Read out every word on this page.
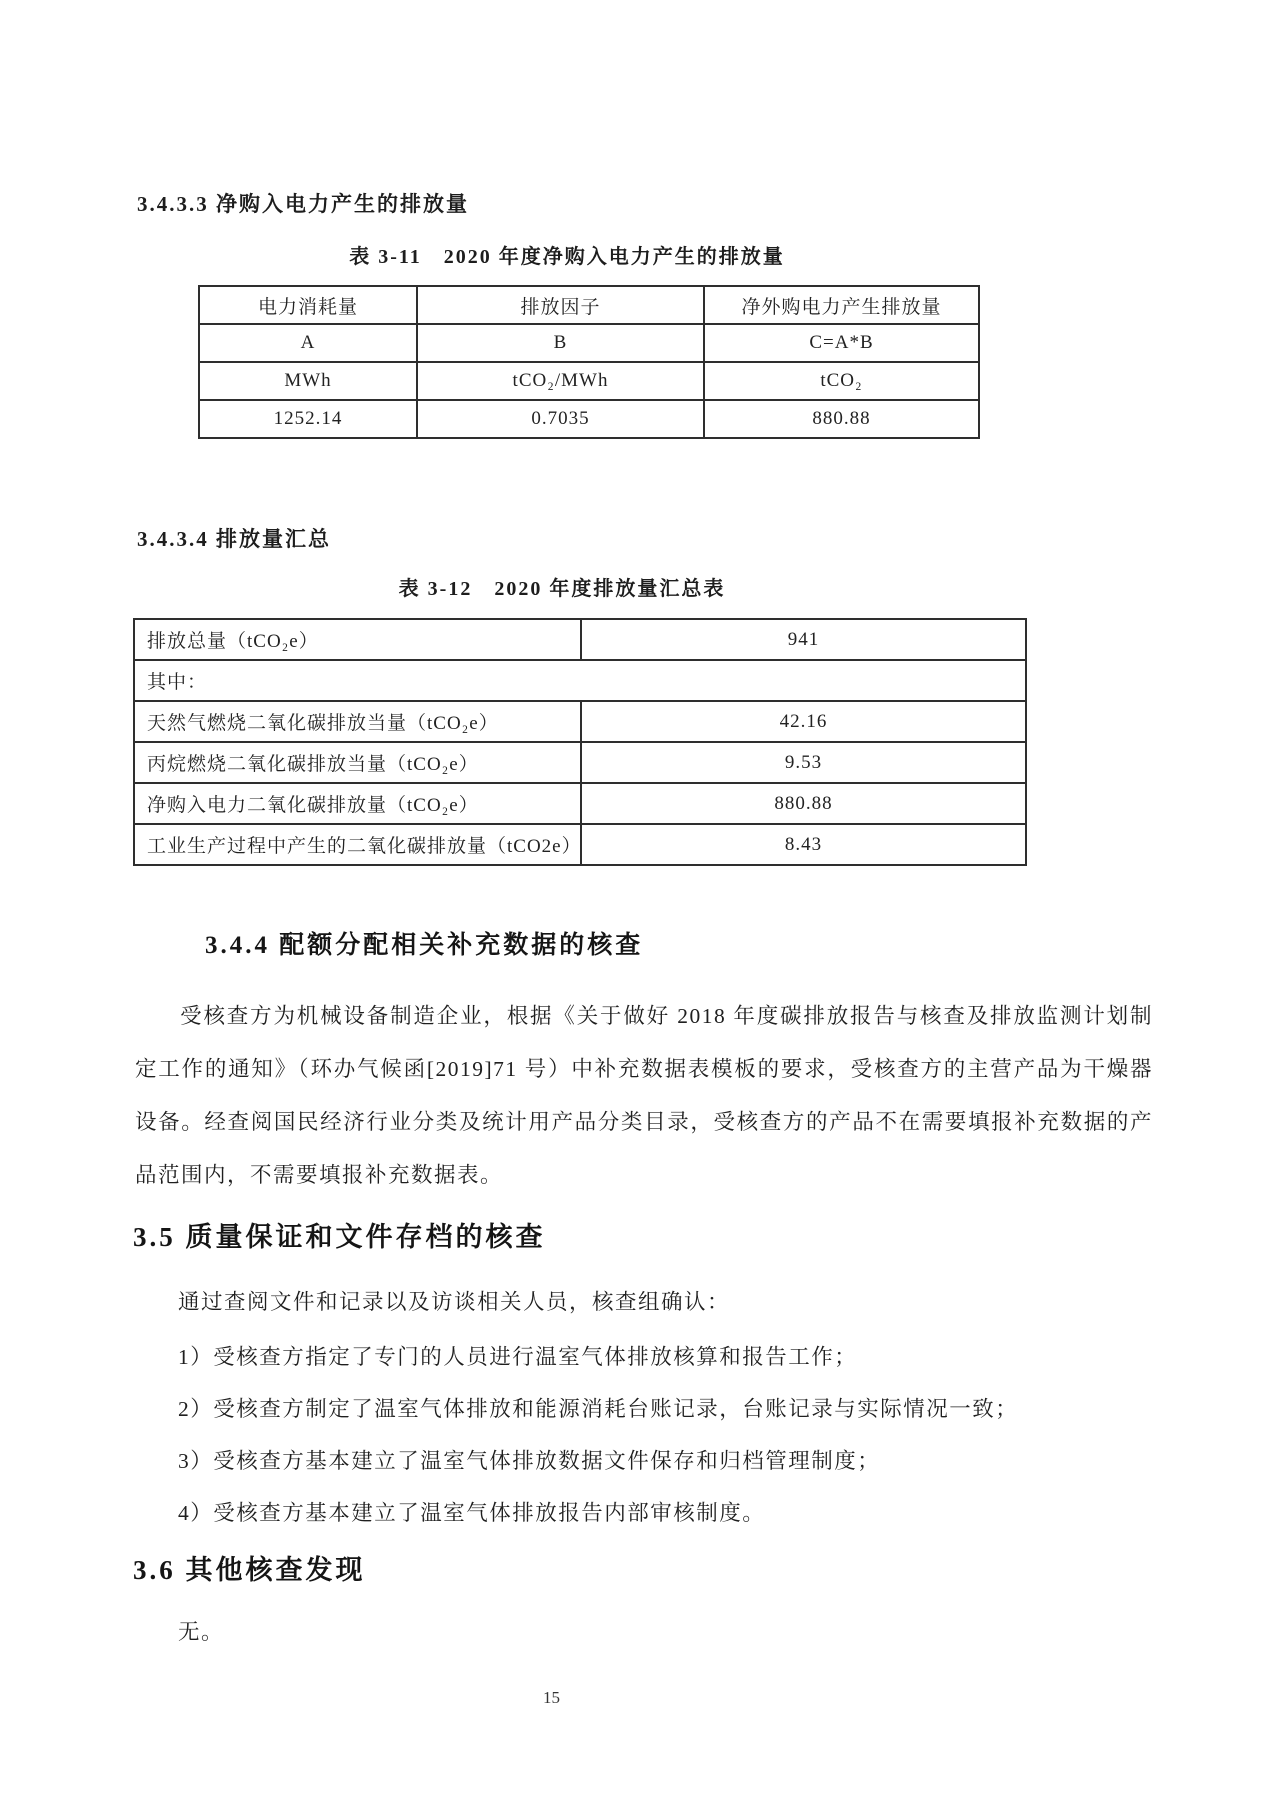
3.4.3.3 净购入电力产生的排放量
表 3-11　2020 年度净购入电力产生的排放量
电力消耗量	排放因子	净外购电力产生排放量
A	B	C=A*B
MWh	tCO₂/MWh	tCO₂
1252.14	0.7035	880.88
3.4.3.4 排放量汇总
表 3-12　2020 年度排放量汇总表
排放总量（tCO₂e）	941
其中：	
天然气燃烧二氧化碳排放当量（tCO₂e）	42.16
丙烷燃烧二氧化碳排放当量（tCO₂e）	9.53
净购入电力二氧化碳排放量（tCO₂e）	880.88
工业生产过程中产生的二氧化碳排放量（tCO2e）	8.43
3.4.4 配额分配相关补充数据的核查
受核查方为机械设备制造企业，根据《关于做好 2018 年度碳排放报告与核查及排放监测计划制定工作的通知》（环办气候函[2019]71 号）中补充数据表模板的要求，受核查方的主营产品为干燥器设备。经查阅国民经济行业分类及统计用产品分类目录，受核查方的产品不在需要填报补充数据的产品范围内，不需要填报补充数据表。
3.5 质量保证和文件存档的核查
通过查阅文件和记录以及访谈相关人员，核查组确认：
1）受核查方指定了专门的人员进行温室气体排放核算和报告工作；
2）受核查方制定了温室气体排放和能源消耗台账记录，台账记录与实际情况一致；
3）受核查方基本建立了温室气体排放数据文件保存和归档管理制度；
4）受核查方基本建立了温室气体排放报告内部审核制度。
3.6 其他核查发现
无。
15
